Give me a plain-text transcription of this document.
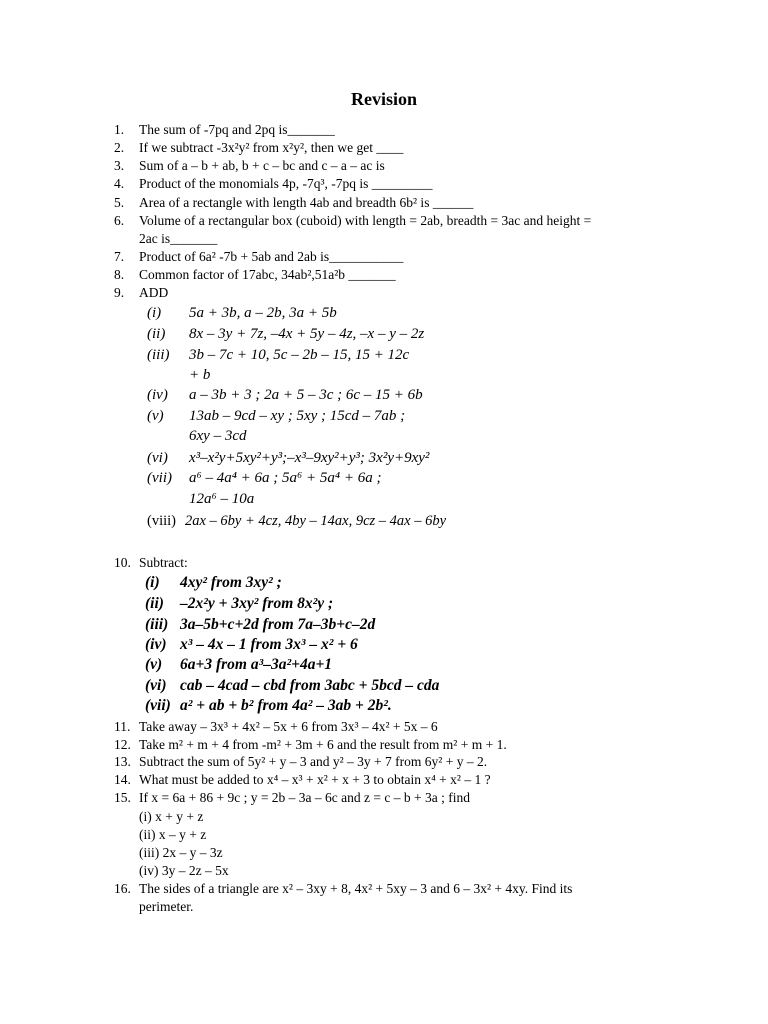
Revision
1. The sum of -7pq and 2pq is_______
2. If we subtract -3x²y² from x²y², then we get ____
3. Sum of a – b + ab, b + c – bc and c – a – ac is
4. Product of the monomials 4p, -7q³, -7pq is _________
5. Area of a rectangle with length 4ab and breadth 6b² is ______
6. Volume of a rectangular box (cuboid) with length = 2ab, breadth = 3ac and height =
2ac is_______
7. Product of 6a² -7b + 5ab and 2ab is___________
8. Common factor of 17abc, 34ab²,51a²b _______
9. ADD
(i) 5a + 3b, a – 2b, 3a + 5b
(ii) 8x – 3y + 7z, –4x + 5y – 4z, –x – y – 2z
(iii) 3b – 7c + 10, 5c – 2b – 15, 15 + 12c
+ b
(iv) a – 3b + 3 ; 2a + 5 – 3c ; 6c – 15 + 6b
(v) 13ab – 9cd – xy ; 5xy ; 15cd – 7ab ;
6xy – 3cd
(vi) x³–x²y+5xy²+y³;–x³–9xy²+y³; 3x²y+9xy²
(vii) a⁶ – 4a⁴ + 6a ; 5a⁶ + 5a⁴ + 6a ;
12a⁶ – 10a
(viii) 2ax – 6by + 4cz, 4by – 14ax, 9cz – 4ax – 6by
10. Subtract:
(i) 4xy² from 3xy² ;
(ii) –2x²y + 3xy² from 8x²y ;
(iii) 3a–5b+c+2d from 7a–3b+c–2d
(iv) x³ – 4x – 1 from 3x³ – x² + 6
(v) 6a+3 from a³–3a²+4a+1
(vi) cab – 4cad – cbd from 3abc + 5bcd – cda
(vii) a² + ab + b² from 4a² – 3ab + 2b².
11. Take away – 3x³ + 4x² – 5x + 6 from 3x³ – 4x² + 5x – 6
12. Take m² + m + 4 from -m² + 3m + 6 and the result from m² + m + 1.
13. Subtract the sum of 5y² + y – 3 and y² – 3y + 7 from 6y² + y – 2.
14. What must be added to x⁴ – x³ + x² + x + 3 to obtain x⁴ + x² – 1 ?
15. If x = 6a + 86 + 9c ; y = 2b – 3a – 6c and z = c – b + 3a ; find
(i) x + y + z
(ii) x – y + z
(iii) 2x – y – 3z
(iv) 3y – 2z – 5x
16. The sides of a triangle are x² – 3xy + 8, 4x² + 5xy – 3 and 6 – 3x² + 4xy. Find its
perimeter.
